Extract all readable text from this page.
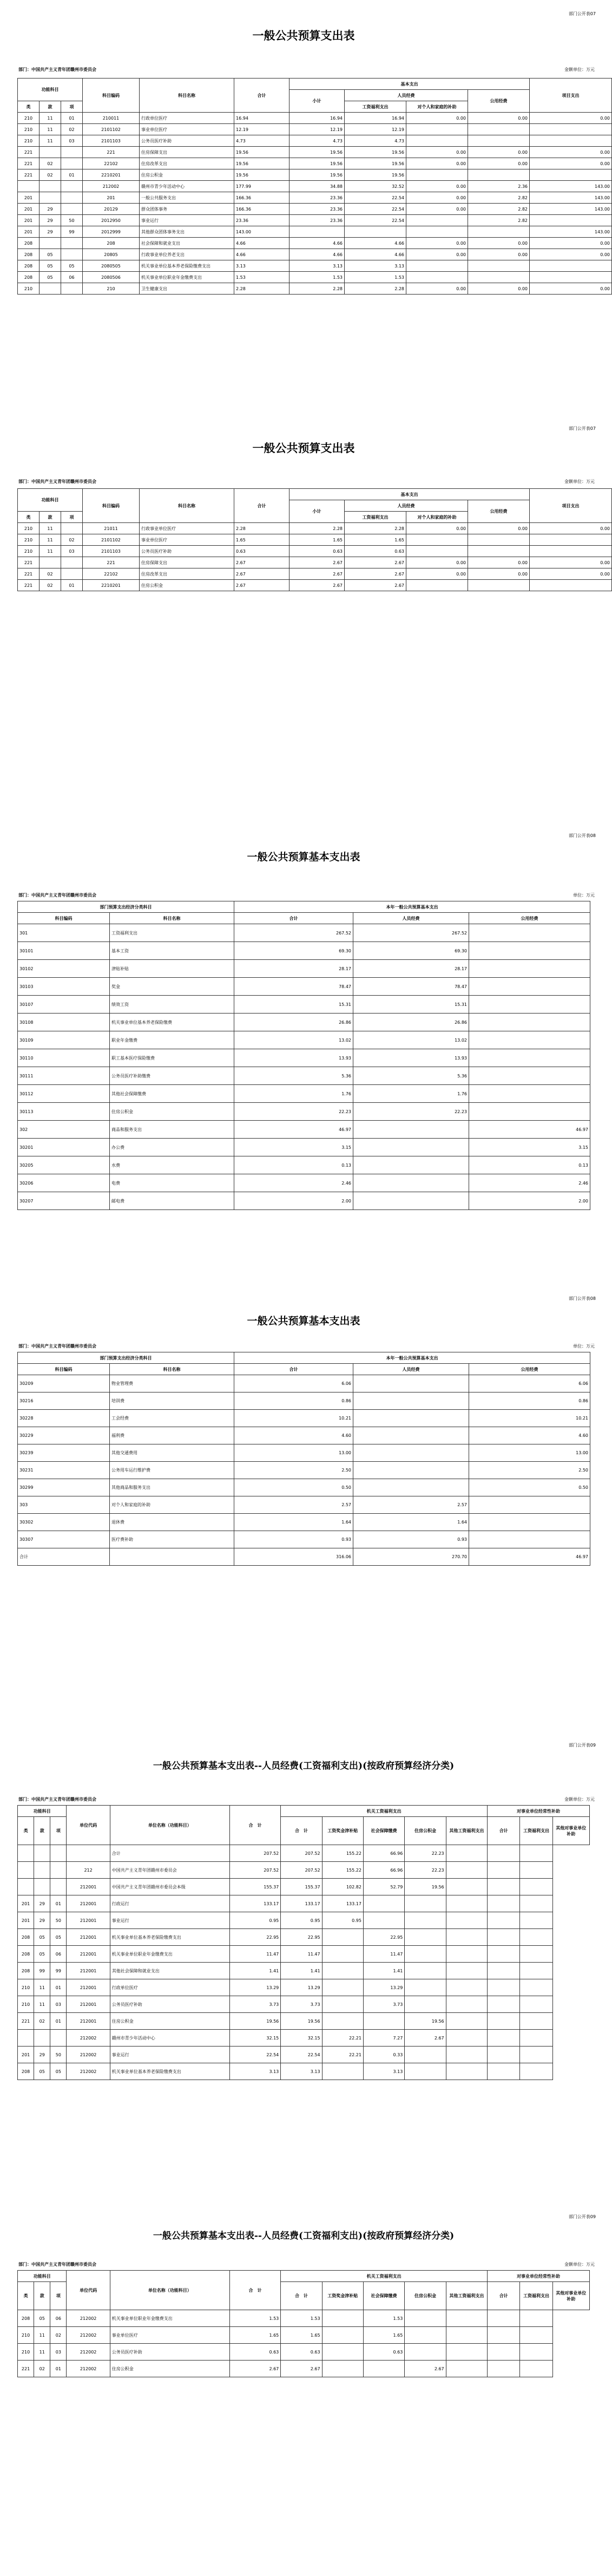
部门公开表07
一般公共预算支出表
部门：中国共产主义青年团赣州市委员会	金额单位：万元
功能科目			科目编码	科目名称	合计	基本支出				项目支出
						小计	人员经费		公用经费	
类	款	项					工资福利支出	对个人和家庭的补助		

210	11	01	210011	行政单位医疗	16.94	16.94	16.94	0.00	0.00	0.00
210	11	02	2101102	事业单位医疗	12.19	12.19	12.19			
210	11	03	2101103	公务员医疗补助	4.73	4.73	4.73			
221			221	住房保障支出	19.56	19.56	19.56	0.00	0.00	0.00
221	02		22102	住房改革支出	19.56	19.56	19.56	0.00	0.00	0.00
221	02	01	2210201	住房公积金	19.56	19.56	19.56			
			212002	赣州市青少年活动中心	177.99	34.88	32.52	0.00	2.36	143.00
201			201	一般公共服务支出	166.36	23.36	22.54	0.00	2.82	143.00
201	29		20129	群众团体事务	166.36	23.36	22.54	0.00	2.82	143.00
201	29	50	2012950	事业运行	23.36	23.36	22.54		2.82	
201	29	99	2012999	其他群众团体事务支出	143.00					143.00
208			208	社会保障和就业支出	4.66	4.66	4.66	0.00	0.00	0.00
208	05		20805	行政事业单位养老支出	4.66	4.66	4.66	0.00	0.00	0.00
208	05	05	2080505	机关事业单位基本养老保险缴费支出	3.13	3.13	3.13			
208	05	06	2080506	机关事业单位职业年金缴费支出	1.53	1.53	1.53			
210			210	卫生健康支出	2.28	2.28	2.28	0.00	0.00	0.00
部门公开表07
一般公共预算支出表
部门：中国共产主义青年团赣州市委员会	金额单位：万元
功能科目			科目编码	科目名称	合计	基本支出				项目支出
						小计	人员经费		公用经费	
类	款	项					工资福利支出	对个人和家庭的补助		

210	11		21011	行政事业单位医疗	2.28	2.28	2.28	0.00	0.00	0.00
210	11	02	2101102	事业单位医疗	1.65	1.65	1.65			
210	11	03	2101103	公务员医疗补助	0.63	0.63	0.63			
221			221	住房保障支出	2.67	2.67	2.67	0.00	0.00	0.00
221	02		22102	住房改革支出	2.67	2.67	2.67	0.00	0.00	0.00
221	02	01	2210201	住房公积金	2.67	2.67	2.67			
部门公开表08
一般公共预算基本支出表
部门：中国共产主义青年团赣州市委员会	单位：万元
部门预算支出经济分类科目		本年一般公共预算基本支出		
科目编码	科目名称	合计	人员经费	公用经费
301	工资福利支出	267.52	267.52	
30101	基本工资	69.30	69.30	
30102	津贴补贴	28.17	28.17	
30103	奖金	78.47	78.47	
30107	绩效工资	15.31	15.31	
30108	机关事业单位基本养老保险缴费	26.86	26.86	
30109	职业年金缴费	13.02	13.02	
30110	职工基本医疗保险缴费	13.93	13.93	
30111	公务员医疗补助缴费	5.36	5.36	
30112	其他社会保障缴费	1.76	1.76	
30113	住房公积金	22.23	22.23	
302	商品和服务支出	46.97		46.97
30201	办公费	3.15		3.15
30205	水费	0.13		0.13
30206	电费	2.46		2.46
30207	邮电费	2.00		2.00
部门公开表08
一般公共预算基本支出表
部门：中国共产主义青年团赣州市委员会	单位：万元
部门预算支出经济分类科目		本年一般公共预算基本支出		
科目编码	科目名称	合计	人员经费	公用经费
30209	物业管理费	6.06		6.06
30216	培训费	0.86		0.86
30228	工会经费	10.21		10.21
30229	福利费	4.60		4.60
30239	其他交通费用	13.00		13.00
30231	公务用车运行维护费	2.50		2.50
30299	其他商品和服务支出	0.50		0.50
303	对个人和家庭的补助	2.57	2.57	
30302	退休费	1.64	1.64	
30307	医疗费补助	0.93	0.93	
合计		316.06	270.70	46.97
部门公开表09
一般公共预算基本支出表--人员经费(工资福利支出)(按政府预算经济分类)
部门：中国共产主义青年团赣州市委员会	金额单位：万元
功能科目			单位代码	单位名称（功能科目）	合　计	机关工资福利支出					对事业单位经常性补助		

类	款	项				合　计	工资奖金津补贴	社会保障缴费	住房公积金	其他工资福利支出	合计	工资福利支出	其他对事业单位补助
				合计	207.52	207.52	155.22	66.96	22.23				
			212	中国共产主义青年团赣州市委员会	207.52	207.52	155.22	66.96	22.23				
			212001	中国共产主义青年团赣州市委员会本级	155.37	155.37	102.82	52.79	19.56				
201	29	01	212001	行政运行	133.17	133.17	133.17						
201	29	50	212001	事业运行	0.95	0.95	0.95						
208	05	05	212001	机关事业单位基本养老保险缴费支出	22.95	22.95		22.95					
208	05	06	212001	机关事业单位职业年金缴费支出	11.47	11.47		11.47					
208	99	99	212001	其他社会保障和就业支出	1.41	1.41		1.41					
210	11	01	212001	行政单位医疗	13.29	13.29		13.29					
210	11	03	212001	公务员医疗补助	3.73	3.73		3.73					
221	02	01	212001	住房公积金	19.56	19.56			19.56				
			212002	赣州市青少年活动中心	32.15	32.15	22.21	7.27	2.67				
201	29	50	212002	事业运行	22.54	22.54	22.21	0.33					
208	05	05	212002	机关事业单位基本养老保险缴费支出	3.13	3.13		3.13					
部门公开表09
一般公共预算基本支出表--人员经费(工资福利支出)(按政府预算经济分类)
部门：中国共产主义青年团赣州市委员会	金额单位：万元
功能科目			单位代码	单位名称（功能科目）	合　计	机关工资福利支出					对事业单位经常性补助		

类	款	项				合　计	工资奖金津补贴	社会保障缴费	住房公积金	其他工资福利支出	合计	工资福利支出	其他对事业单位补助
208	05	06	212002	机关事业单位职业年金缴费支出	1.53	1.53		1.53					
210	11	02	212002	事业单位医疗	1.65	1.65		1.65					
210	11	03	212002	公务员医疗补助	0.63	0.63		0.63					
221	02	01	212002	住房公积金	2.67	2.67			2.67				
